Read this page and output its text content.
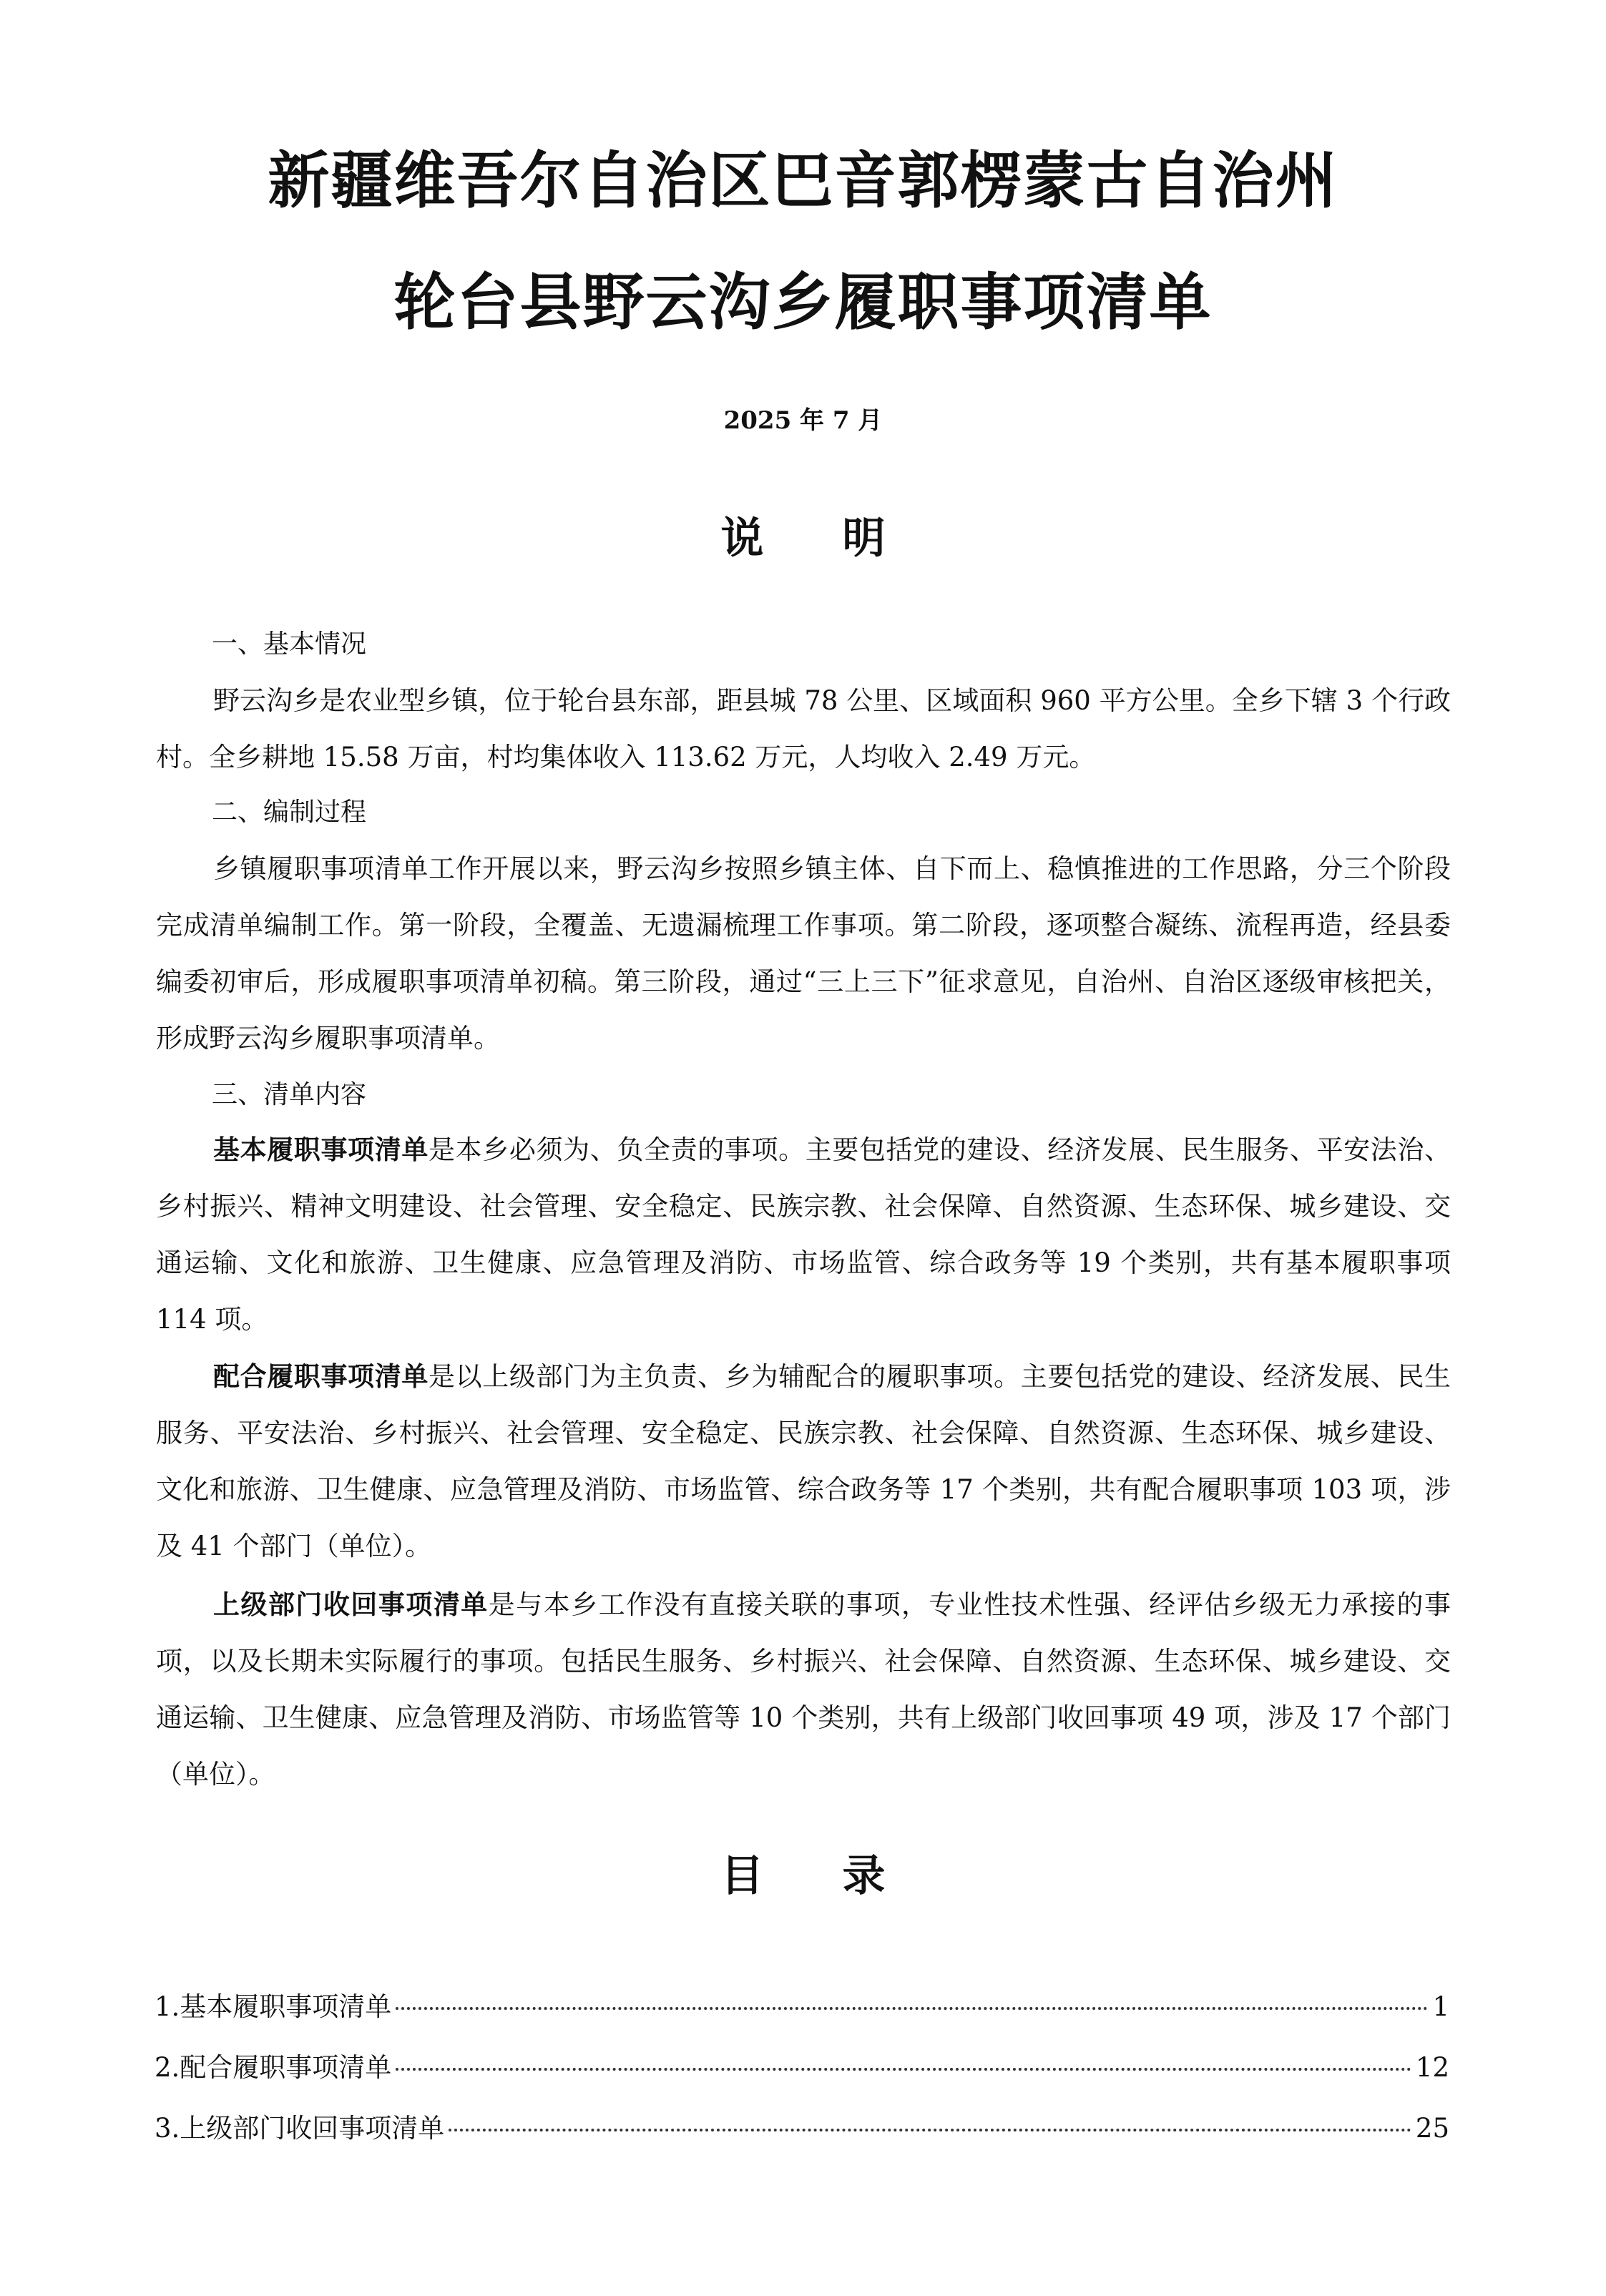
新疆维吾尔自治区巴音郭楞蒙古自治州
轮台县野云沟乡履职事项清单
2025 年 7 月
说明
一、基本情况

野云沟乡是农业型乡镇，位于轮台县东部，距县城 78 公里、区域面积 960 平方公里。全乡下辖 3 个行政村。全乡耕地 15.58 万亩，村均集体收入 113.62 万元，人均收入 2.49 万元。

二、编制过程

乡镇履职事项清单工作开展以来，野云沟乡按照乡镇主体、自下而上、稳慎推进的工作思路，分三个阶段完成清单编制工作。第一阶段，全覆盖、无遗漏梳理工作事项。第二阶段，逐项整合凝练、流程再造，经县委编委初审后，形成履职事项清单初稿。第三阶段，通过“三上三下”征求意见，自治州、自治区逐级审核把关，形成野云沟乡履职事项清单。

三、清单内容

基本履职事项清单是本乡必须为、负全责的事项。主要包括党的建设、经济发展、民生服务、平安法治、乡村振兴、精神文明建设、社会管理、安全稳定、民族宗教、社会保障、自然资源、生态环保、城乡建设、交通运输、文化和旅游、卫生健康、应急管理及消防、市场监管、综合政务等 19 个类别，共有基本履职事项 114 项。

配合履职事项清单是以上级部门为主负责、乡为辅配合的履职事项。主要包括党的建设、经济发展、民生服务、平安法治、乡村振兴、社会管理、安全稳定、民族宗教、社会保障、自然资源、生态环保、城乡建设、文化和旅游、卫生健康、应急管理及消防、市场监管、综合政务等 17 个类别，共有配合履职事项 103 项，涉及 41 个部门（单位）。

上级部门收回事项清单是与本乡工作没有直接关联的事项，专业性技术性强、经评估乡级无力承接的事项，以及长期未实际履行的事项。包括民生服务、乡村振兴、社会保障、自然资源、生态环保、城乡建设、交通运输、卫生健康、应急管理及消防、市场监管等 10 个类别，共有上级部门收回事项 49 项，涉及 17 个部门（单位）。

目录
1.基本履职事项清单	1
2.配合履职事项清单	12
3.上级部门收回事项清单	25
